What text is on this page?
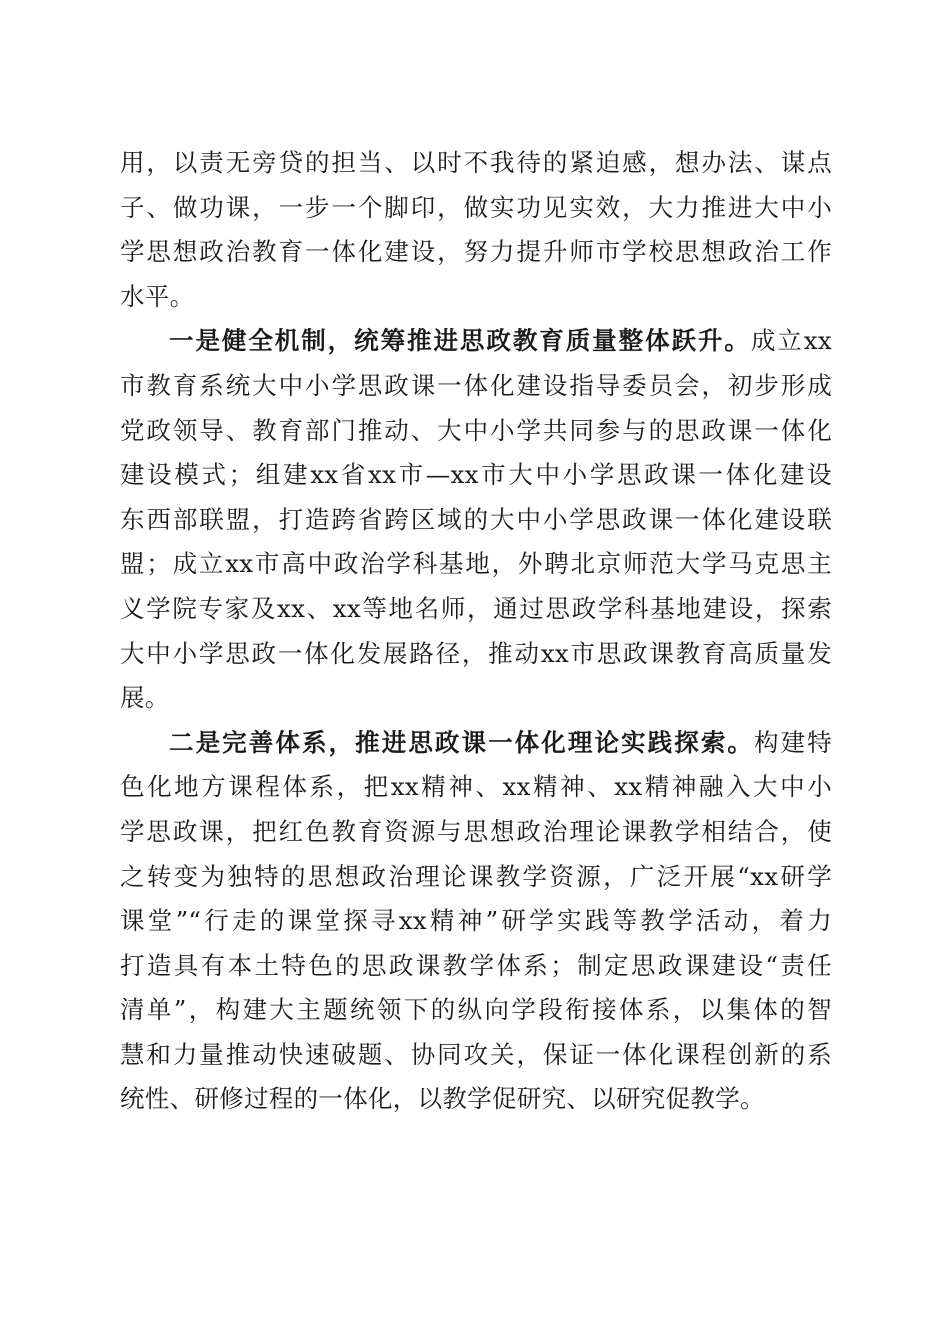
用，以责无旁贷的担当、以时不我待的紧迫感，想办法、谋点
子、做功课，一步一个脚印，做实功见实效，大力推进大中小
学思想政治教育一体化建设，努力提升师市学校思想政治工作
水平。
一是健全机制，统筹推进思政教育质量整体跃升。成立xx
市教育系统大中小学思政课一体化建设指导委员会，初步形成
党政领导、教育部门推动、大中小学共同参与的思政课一体化
建设模式；组建xx省xx市—xx市大中小学思政课一体化建设
东西部联盟，打造跨省跨区域的大中小学思政课一体化建设联
盟；成立xx市高中政治学科基地，外聘北京师范大学马克思主
义学院专家及xx、xx等地名师，通过思政学科基地建设，探索
大中小学思政一体化发展路径，推动xx市思政课教育高质量发
展。
二是完善体系，推进思政课一体化理论实践探索。构建特
色化地方课程体系，把xx精神、xx精神、xx精神融入大中小
学思政课，把红色教育资源与思想政治理论课教学相结合，使
之转变为独特的思想政治理论课教学资源，广泛开展“xx研学
课堂”“行走的课堂探寻xx精神”研学实践等教学活动，着力
打造具有本土特色的思政课教学体系；制定思政课建设“责任
清单”，构建大主题统领下的纵向学段衔接体系，以集体的智
慧和力量推动快速破题、协同攻关，保证一体化课程创新的系
统性、研修过程的一体化，以教学促研究、以研究促教学。
